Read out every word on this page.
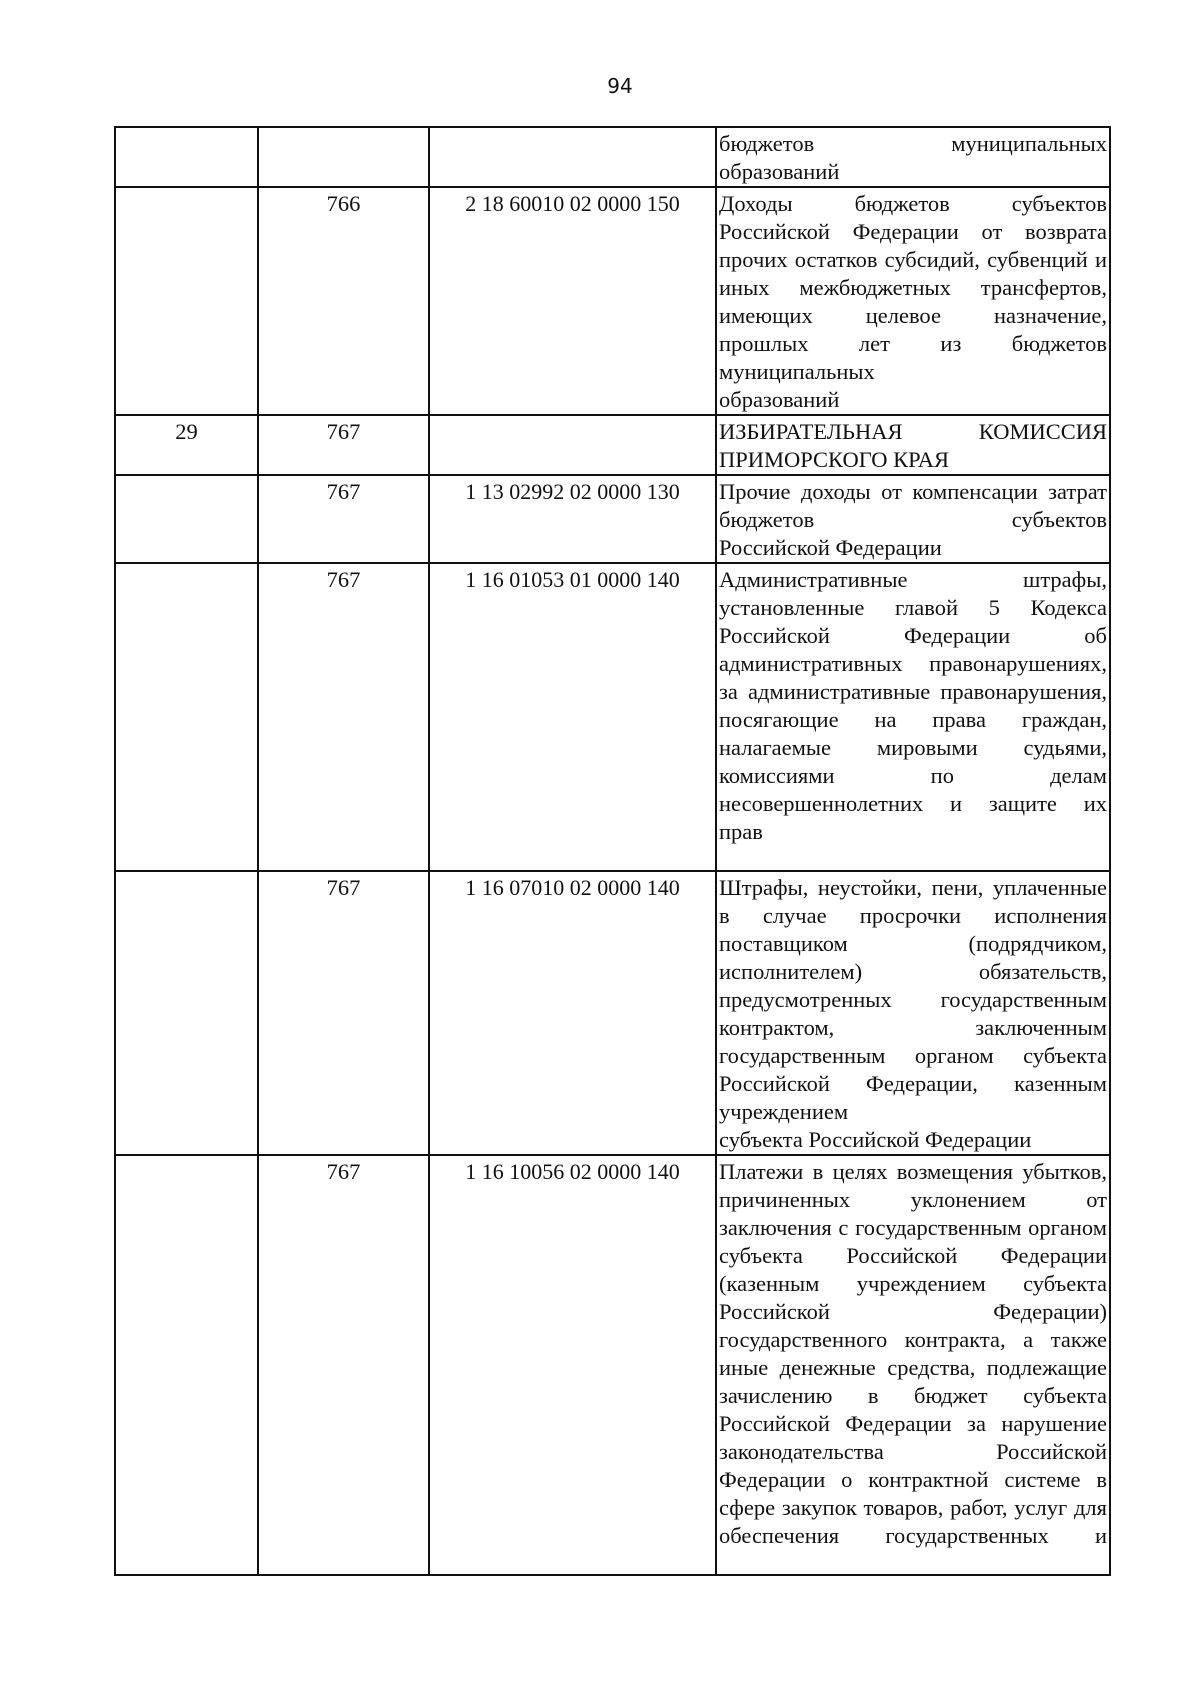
94

			бюджетов муниципальных
образований

	766	2 18 60010 02 0000 150	Доходы бюджетов субъектов Российской Федерации от возврата прочих остатков субсидий, субвенций и иных межбюджетных трансфертов, имеющих целевое назначение, прошлых лет из бюджетов муниципальных
образований

29	767		ИЗБИРАТЕЛЬНАЯ КОМИССИЯ
ПРИМОРСКОГО КРАЯ

	767	1 13 02992 02 0000 130	Прочие доходы от компенсации затрат бюджетов субъектов
Российской Федерации

	767	1 16 01053 01 0000 140	Административные штрафы, установленные главой 5 Кодекса Российской Федерации об административных правонарушениях, за административные правонарушения, посягающие на права граждан, налагаемые мировыми судьями, комиссиями по делам несовершеннолетних и защите их
прав

	767	1 16 07010 02 0000 140	Штрафы, неустойки, пени, уплаченные в случае просрочки исполнения поставщиком (подрядчиком, исполнителем) обязательств, предусмотренных государственным контрактом, заключенным государственным органом субъекта Российской Федерации, казенным учреждением
субъекта Российской Федерации

	767	1 16 10056 02 0000 140	Платежи в целях возмещения убытков, причиненных уклонением от заключения с государственным органом субъекта Российской Федерации (казенным учреждением субъекта Российской Федерации) государственного контракта, а также иные денежные средства, подлежащие зачислению в бюджет субъекта Российской Федерации за нарушение законодательства Российской Федерации о контрактной системе в сфере закупок товаров, работ, услуг для обеспечения государственных и
